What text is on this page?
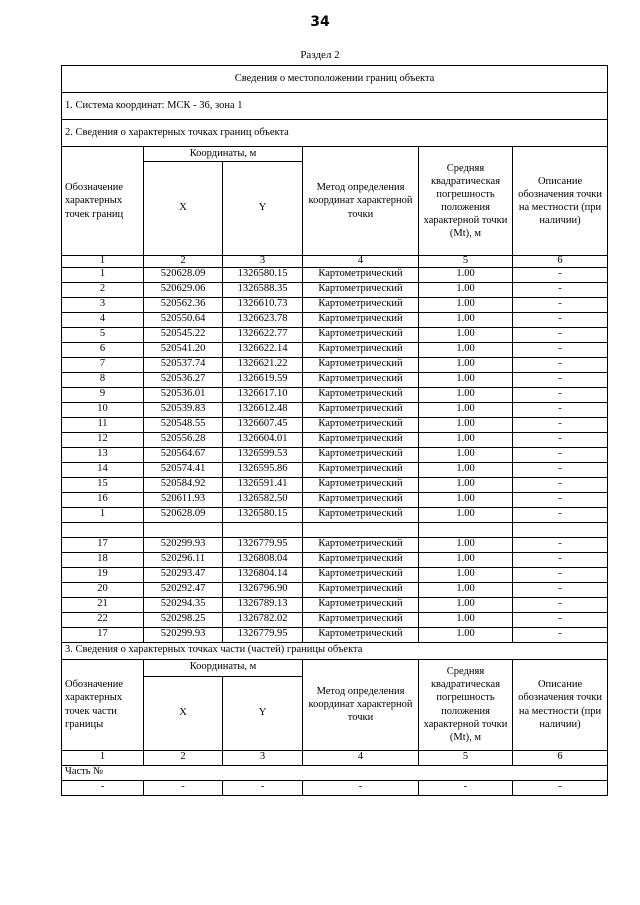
34
Раздел 2
Сведения о местоположении границ объекта					
1. Система координат: МСК - 36, зона 1					
2. Сведения о характерных точках границ объекта					
Обозначение характерных точек границ	Координаты, м		Метод определения координат характерной точки	Средняя квадратическая погрешность положения характерной точки (Mt), м	Описание обозначения точки на местности (при наличии)
	X	Y			
1	2	3	4	5	6
1	520628.09	1326580.15	Картометрический	1.00	-
2	520629.06	1326588.35	Картометрический	1.00	-
3	520562.36	1326610.73	Картометрический	1.00	-
4	520550.64	1326623.78	Картометрический	1.00	-
5	520545.22	1326622.77	Картометрический	1.00	-
6	520541.20	1326622.14	Картометрический	1.00	-
7	520537.74	1326621.22	Картометрический	1.00	-
8	520536.27	1326619.59	Картометрический	1.00	-
9	520536.01	1326617.10	Картометрический	1.00	-
10	520539.83	1326612.48	Картометрический	1.00	-
11	520548.55	1326607.45	Картометрический	1.00	-
12	520556.28	1326604.01	Картометрический	1.00	-
13	520564.67	1326599.53	Картометрический	1.00	-
14	520574.41	1326595.86	Картометрический	1.00	-
15	520584.92	1326591.41	Картометрический	1.00	-
16	520611.93	1326582.50	Картометрический	1.00	-
1	520628.09	1326580.15	Картометрический	1.00	-

17	520299.93	1326779.95	Картометрический	1.00	-
18	520296.11	1326808.04	Картометрический	1.00	-
19	520293.47	1326804.14	Картометрический	1.00	-
20	520292.47	1326796.90	Картометрический	1.00	-
21	520294.35	1326789.13	Картометрический	1.00	-
22	520298.25	1326782.02	Картометрический	1.00	-
17	520299.93	1326779.95	Картометрический	1.00	-
3. Сведения о характерных точках части (частей) границы объекта					
Обозначение характерных точек части границы	Координаты, м		Метод определения координат характерной точки	Средняя квадратическая погрешность положения характерной точки (Mt), м	Описание обозначения точки на местности (при наличии)
	X	Y			
1	2	3	4	5	6
Часть №					
-	-	-	-	-	-
